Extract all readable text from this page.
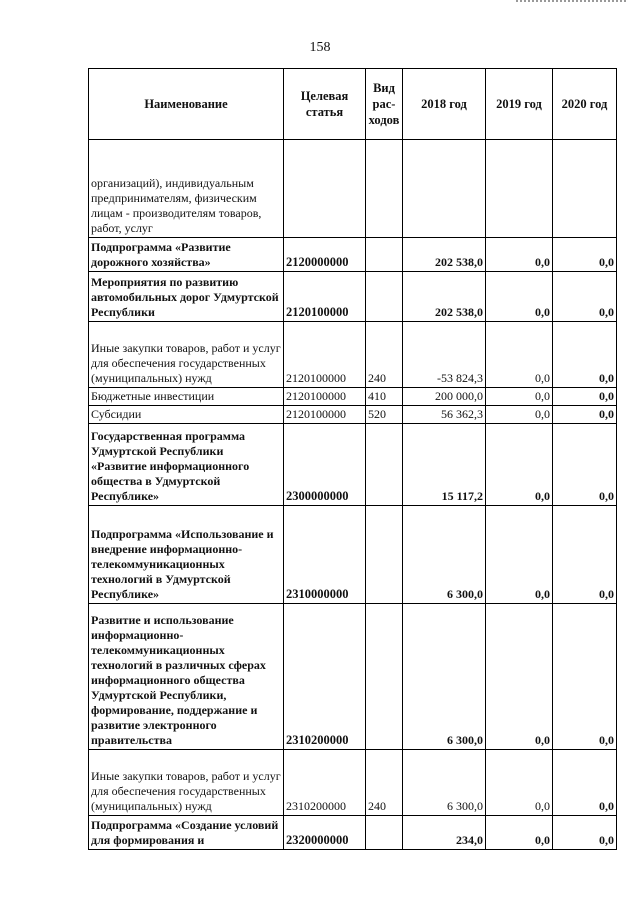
158
Наименование	Целевая статья	Вид рас-ходов	2018 год	2019 год	2020 год
организаций), индивидуальным предпринимателям, физическим лицам - производителям товаров, работ, услуг					
Подпрограмма «Развитие дорожного хозяйства»	2120000000		202 538,0	0,0	0,0
Мероприятия по развитию автомобильных дорог Удмуртской Республики	2120100000		202 538,0	0,0	0,0
Иные закупки товаров, работ и услуг для обеспечения государственных (муниципальных) нужд	2120100000	240	-53 824,3	0,0	0,0
Бюджетные инвестиции	2120100000	410	200 000,0	0,0	0,0
Субсидии	2120100000	520	56 362,3	0,0	0,0
Государственная программа Удмуртской Республики «Развитие информационного общества в Удмуртской Республике»	2300000000		15 117,2	0,0	0,0
Подпрограмма «Использование и внедрение информационно-телекоммуникационных технологий в Удмуртской Республике»	2310000000		6 300,0	0,0	0,0
Развитие и использование информационно-телекоммуникационных технологий в различных сферах информационного общества Удмуртской Республики, формирование, поддержание и развитие электронного правительства	2310200000		6 300,0	0,0	0,0
Иные закупки товаров, работ и услуг для обеспечения государственных (муниципальных) нужд	2310200000	240	6 300,0	0,0	0,0
Подпрограмма «Создание условий для формирования и	2320000000		234,0	0,0	0,0
